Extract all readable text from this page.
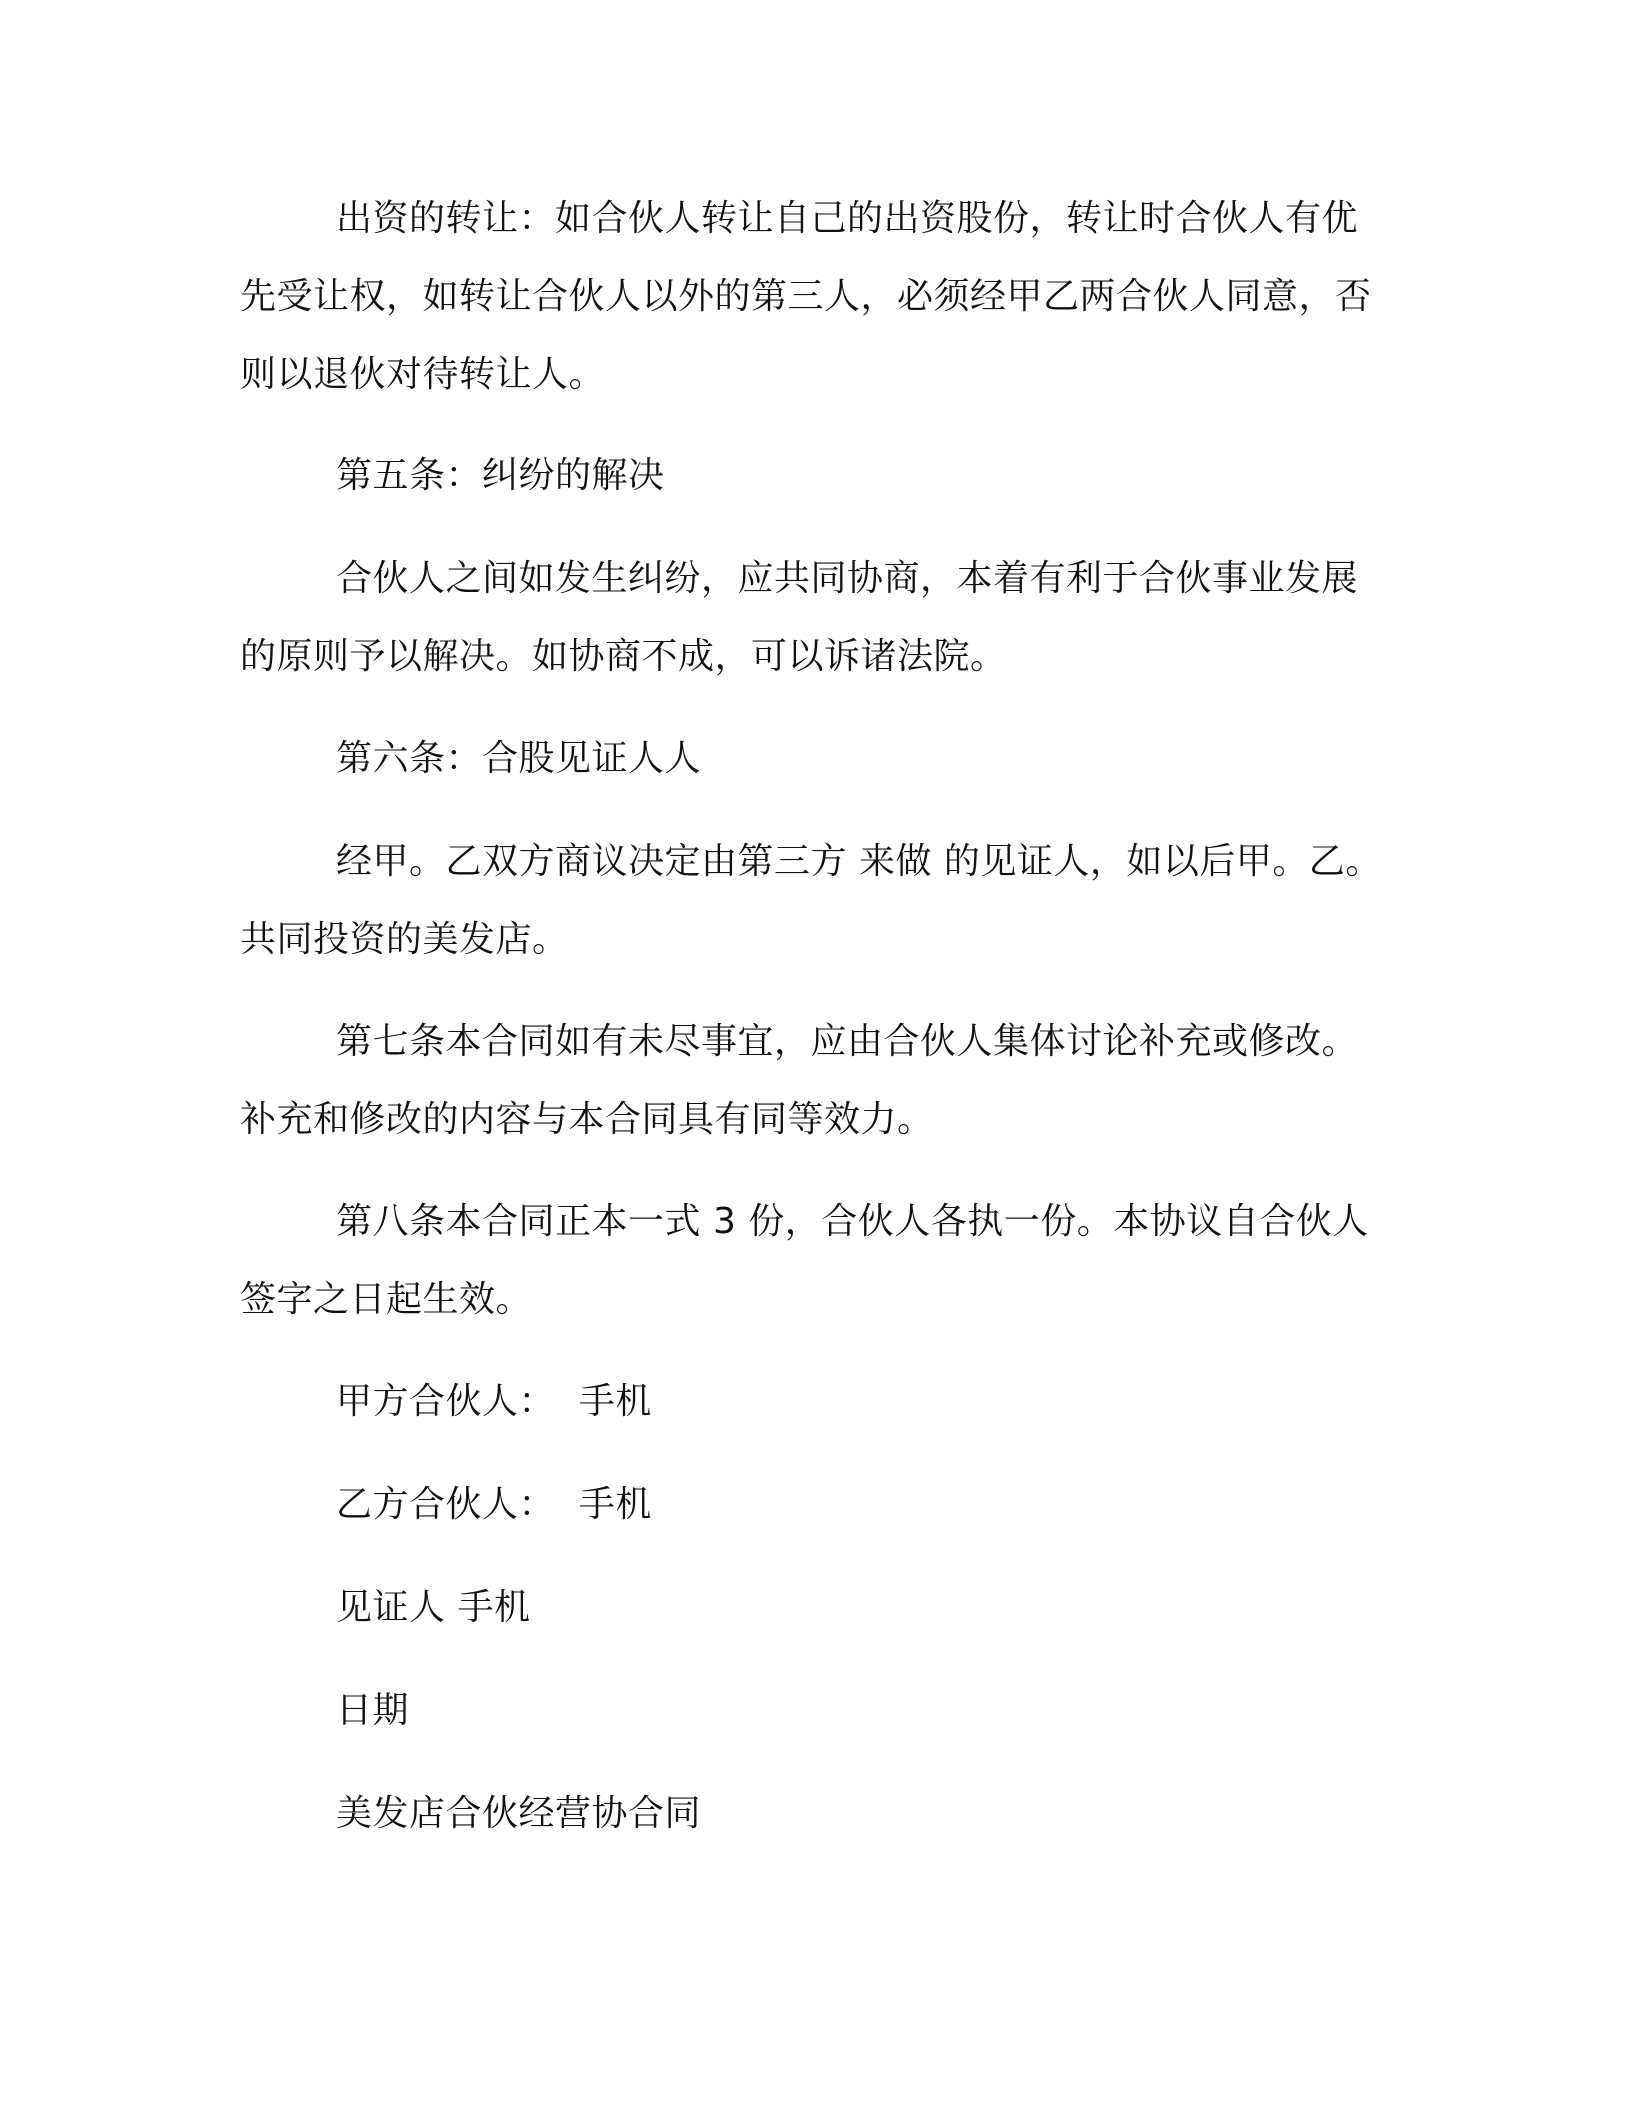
出资的转让：如合伙人转让自己的出资股份，转让时合伙人有优先受让权，如转让合伙人以外的第三人，必须经甲乙两合伙人同意，否则以退伙对待转让人。
第五条：纠纷的解决
合伙人之间如发生纠纷，应共同协商，本着有利于合伙事业发展的原则予以解决。如协商不成，可以诉诸法院。
第六条：合股见证人人
经甲。乙双方商议决定由第三方 来做 的见证人，如以后甲。乙。共同投资的美发店。
第七条本合同如有未尽事宜，应由合伙人集体讨论补充或修改。补充和修改的内容与本合同具有同等效力。
第八条本合同正本一式 3 份，合伙人各执一份。本协议自合伙人签字之日起生效。
甲方合伙人：  手机
乙方合伙人：  手机
见证人 手机
日期
美发店合伙经营协合同
